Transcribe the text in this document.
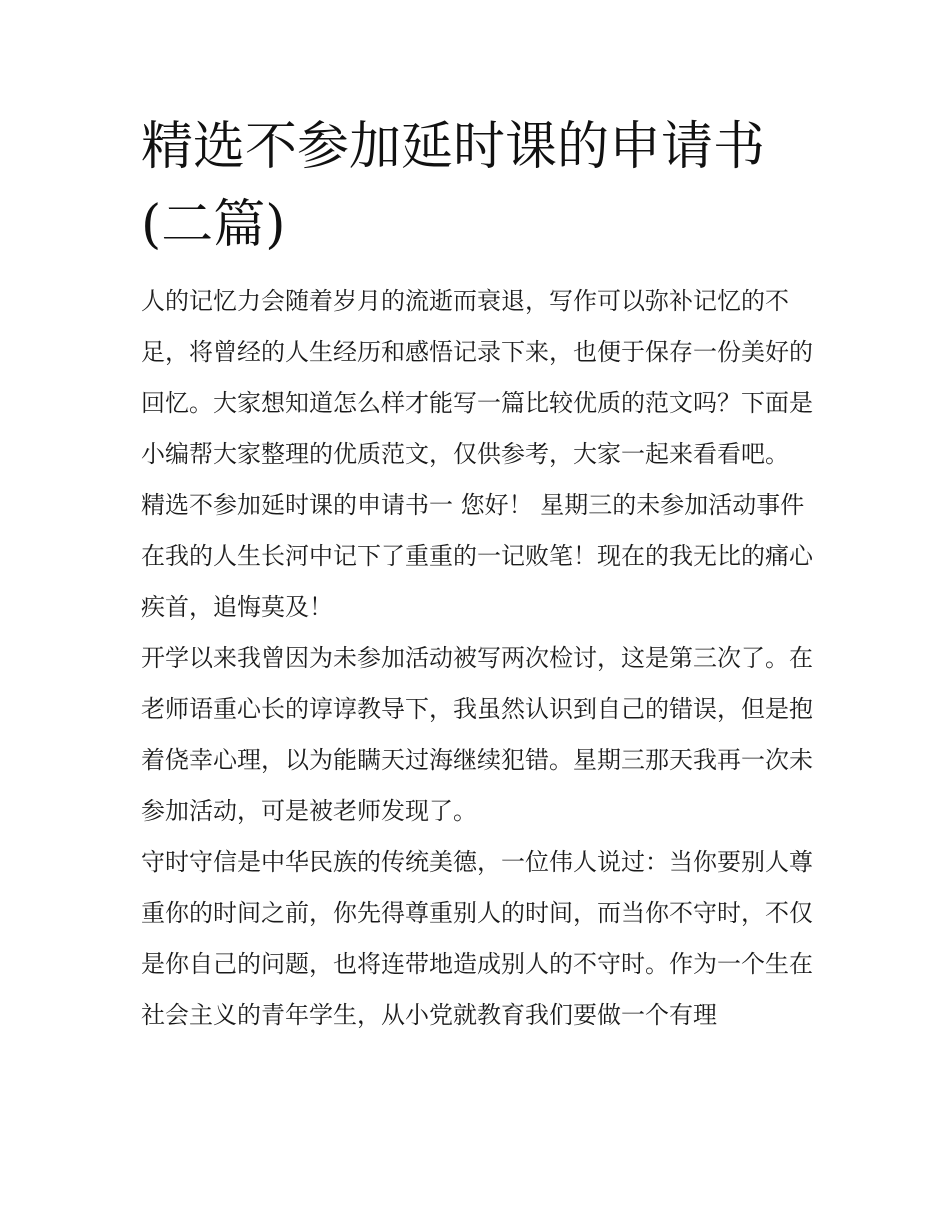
精选不参加延时课的申请书(二篇)

人的记忆力会随着岁月的流逝而衰退，写作可以弥补记忆的不足，将曾经的人生经历和感悟记录下来，也便于保存一份美好的回忆。大家想知道怎么样才能写一篇比较优质的范文吗？下面是小编帮大家整理的优质范文，仅供参考，大家一起来看看吧。

精选不参加延时课的申请书一 您好！ 星期三的未参加活动事件在我的人生长河中记下了重重的一记败笔！现在的我无比的痛心疾首，追悔莫及！

开学以来我曾因为未参加活动被写两次检讨，这是第三次了。在老师语重心长的谆谆教导下，我虽然认识到自己的错误，但是抱着侥幸心理，以为能瞒天过海继续犯错。星期三那天我再一次未参加活动，可是被老师发现了。

守时守信是中华民族的传统美德，一位伟人说过：当你要别人尊重你的时间之前，你先得尊重别人的时间，而当你不守时，不仅是你自己的问题，也将连带地造成别人的不守时。作为一个生在社会主义的青年学生，从小党就教育我们要做一个有理
